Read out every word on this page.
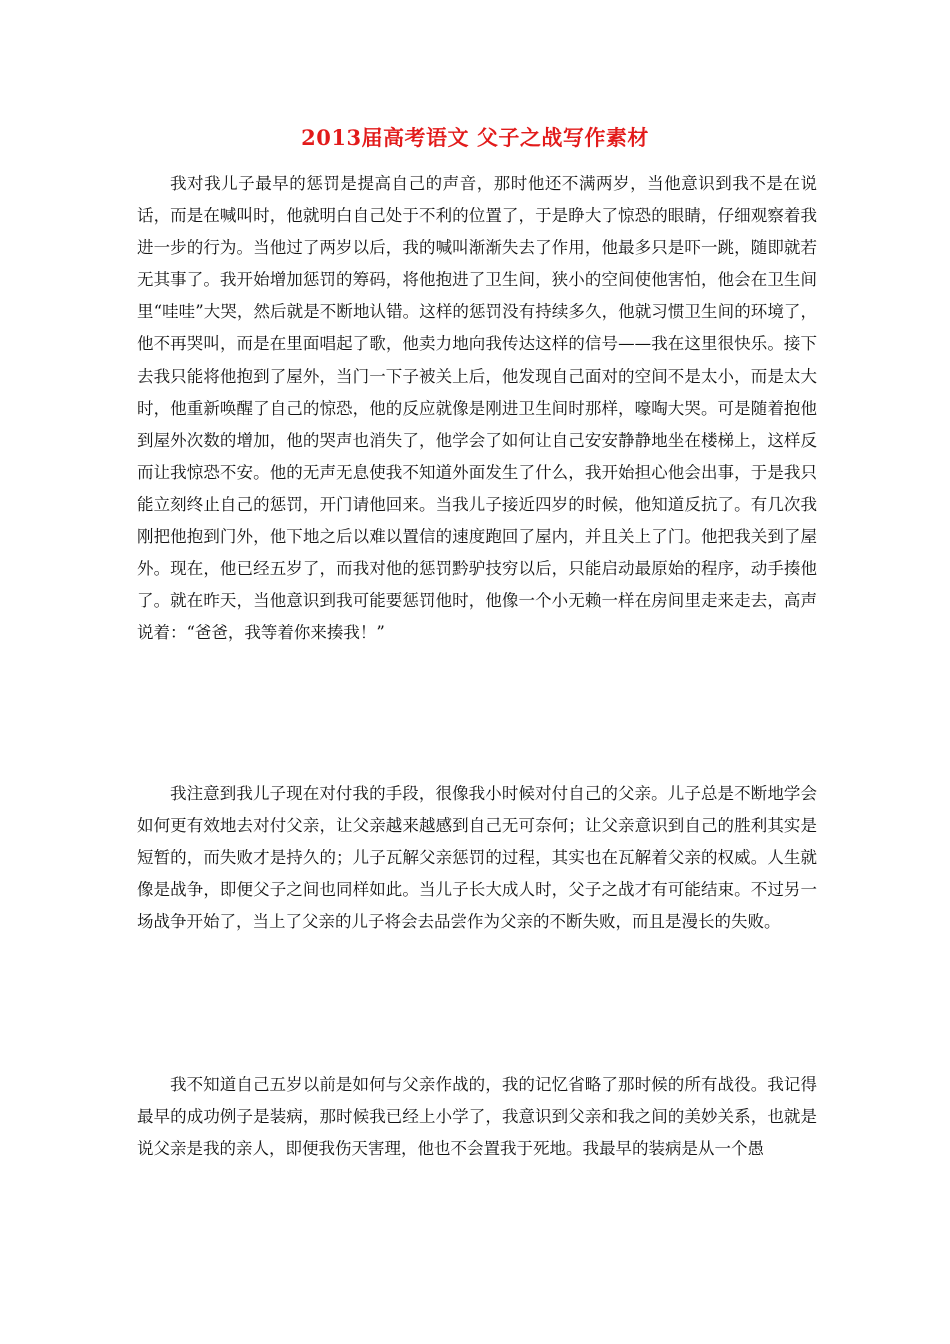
2013届高考语文 父子之战写作素材

我对我儿子最早的惩罚是提高自己的声音，那时他还不满两岁，当他意识到我不是在说话，而是在喊叫时，他就明白自己处于不利的位置了，于是睁大了惊恐的眼睛，仔细观察着我进一步的行为。当他过了两岁以后，我的喊叫渐渐失去了作用，他最多只是吓一跳，随即就若无其事了。我开始增加惩罚的筹码，将他抱进了卫生间，狭小的空间使他害怕，他会在卫生间里“哇哇”大哭，然后就是不断地认错。这样的惩罚没有持续多久，他就习惯卫生间的环境了，他不再哭叫，而是在里面唱起了歌，他卖力地向我传达这样的信号——我在这里很快乐。接下去我只能将他抱到了屋外，当门一下子被关上后，他发现自己面对的空间不是太小，而是太大时，他重新唤醒了自己的惊恐，他的反应就像是刚进卫生间时那样，嚎啕大哭。可是随着抱他到屋外次数的增加，他的哭声也消失了，他学会了如何让自己安安静静地坐在楼梯上，这样反而让我惊恐不安。他的无声无息使我不知道外面发生了什么，我开始担心他会出事，于是我只能立刻终止自己的惩罚，开门请他回来。当我儿子接近四岁的时候，他知道反抗了。有几次我刚把他抱到门外，他下地之后以难以置信的速度跑回了屋内，并且关上了门。他把我关到了屋外。现在，他已经五岁了，而我对他的惩罚黔驴技穷以后，只能启动最原始的程序，动手揍他了。就在昨天，当他意识到我可能要惩罚他时，他像一个小无赖一样在房间里走来走去，高声说着：“爸爸，我等着你来揍我！”

我注意到我儿子现在对付我的手段，很像我小时候对付自己的父亲。儿子总是不断地学会如何更有效地去对付父亲，让父亲越来越感到自己无可奈何；让父亲意识到自己的胜利其实是短暂的，而失败才是持久的；儿子瓦解父亲惩罚的过程，其实也在瓦解着父亲的权威。人生就像是战争，即便父子之间也同样如此。当儿子长大成人时，父子之战才有可能结束。不过另一场战争开始了，当上了父亲的儿子将会去品尝作为父亲的不断失败，而且是漫长的失败。

我不知道自己五岁以前是如何与父亲作战的，我的记忆省略了那时候的所有战役。我记得最早的成功例子是装病，那时候我已经上小学了，我意识到父亲和我之间的美妙关系，也就是说父亲是我的亲人，即便我伤天害理，他也不会置我于死地。我最早的装病是从一个愚
